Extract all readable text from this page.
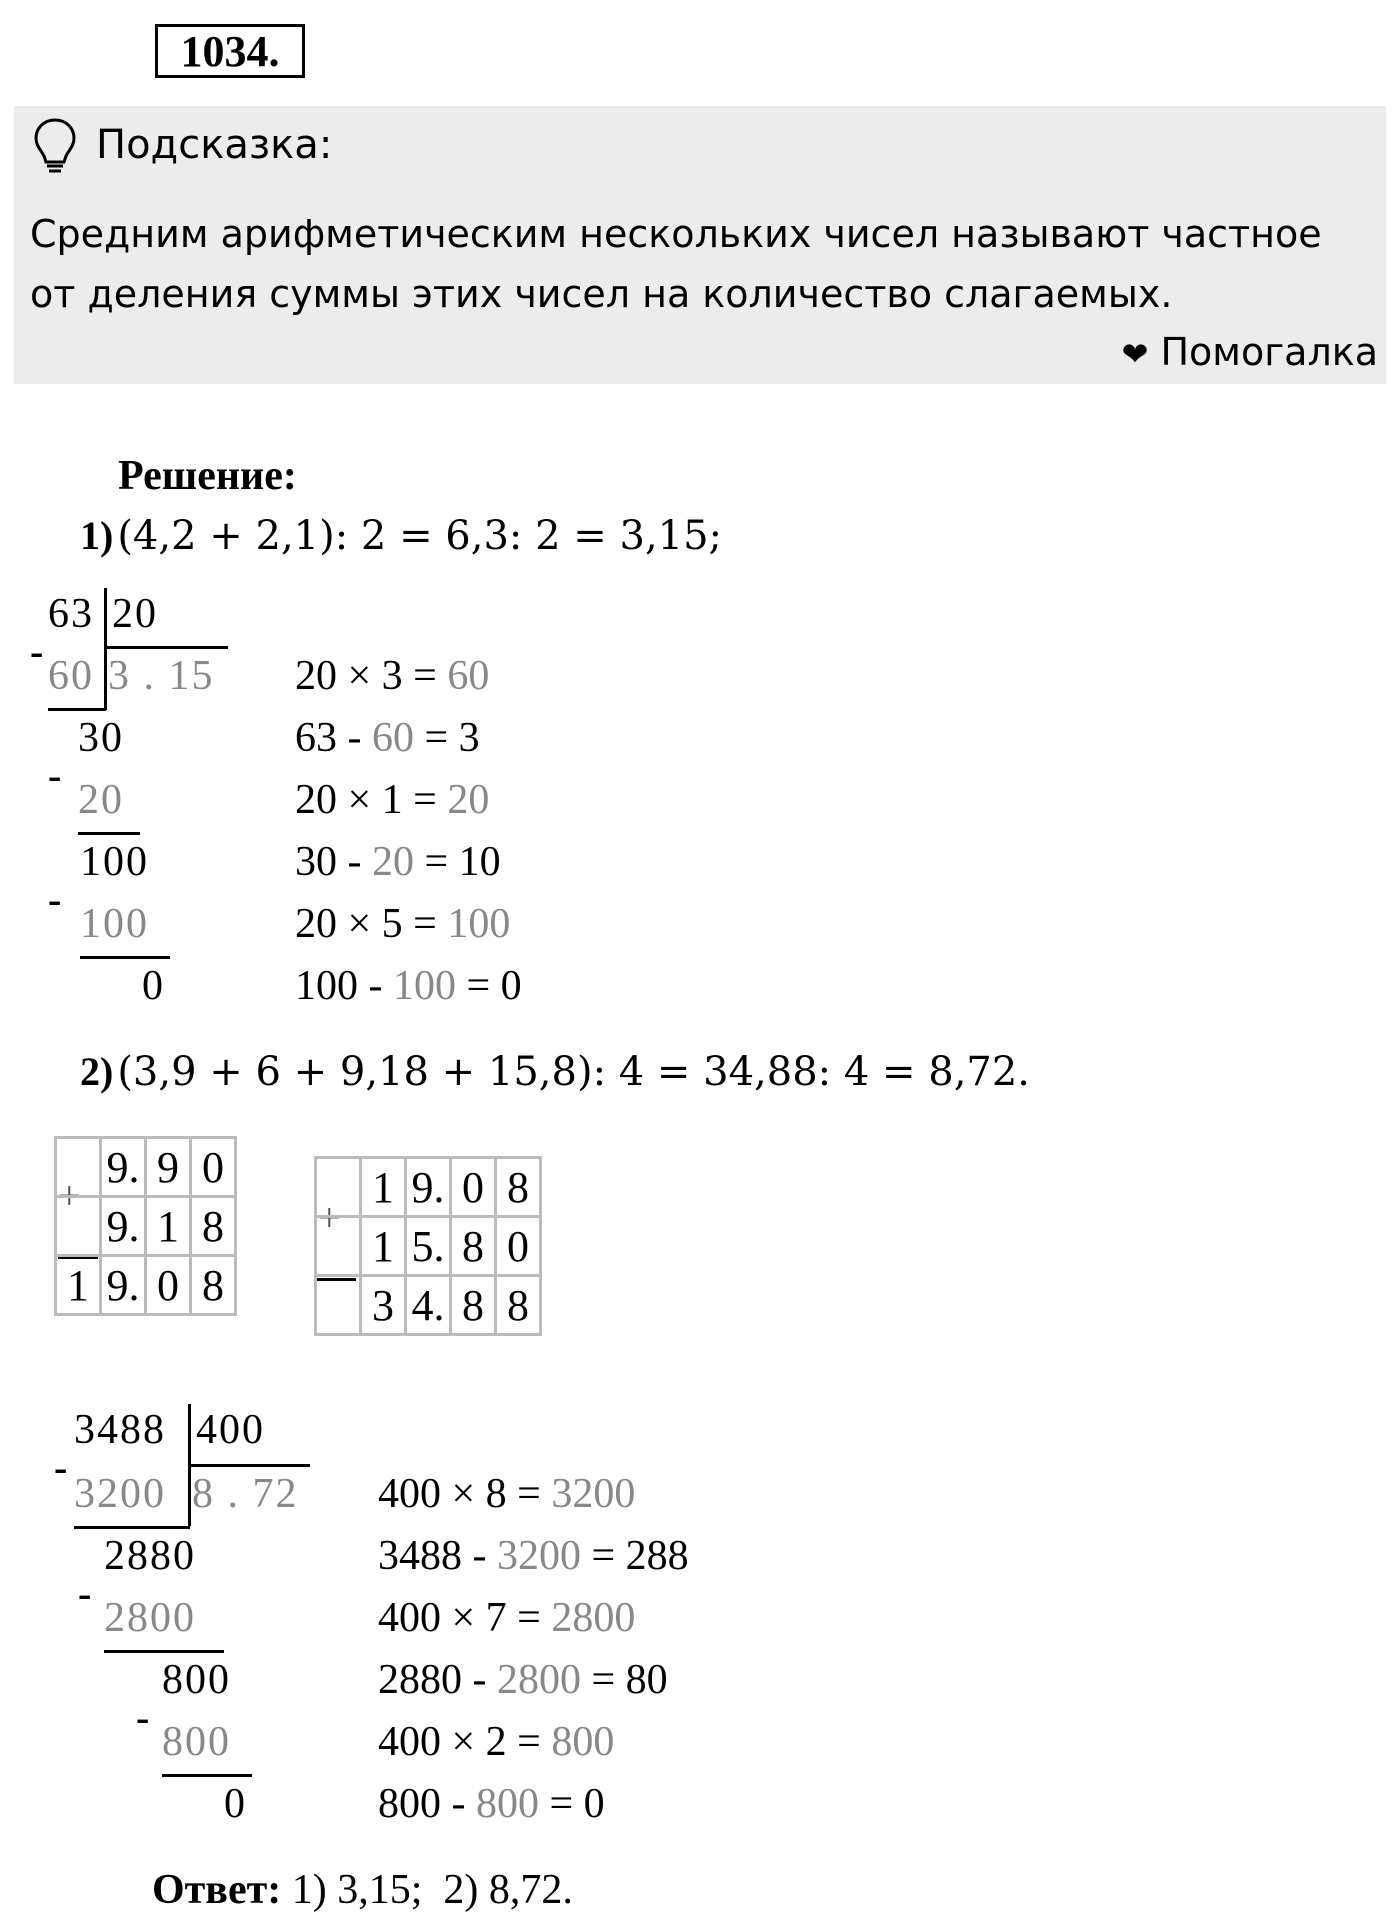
1034.
Подсказка:
Средним арифметическим нескольких чисел называют частное
от деления суммы этих чисел на количество слагаемых.
❤ Помогалка
Решение:
1) (4,2 + 2,1): 2 = 6,3: 2 = 3,15;
63 20
-
60 3 . 15
30
-
20
100
-
100
0
20 × 3 = 60
63 - 60 = 3
20 × 1 = 20
30 - 20 = 10
20 × 5 = 100
100 - 100 = 0
2) (3,9 + 6 + 9,18 + 15,8): 4 = 34,88: 4 = 8,72.
+
	9.	9	0
	9.	1	8
1	9.	0	8
+
	1	9.	0	8
	1	5.	8	0
	3	4.	8	8
3488 400
-
3200 8 . 72
2880
-
2800
800
-
800
0
400 × 8 = 3200
3488 - 3200 = 288
400 × 7 = 2800
2880 - 2800 = 80
400 × 2 = 800
800 - 800 = 0
Ответ: 1) 3,15;  2) 8,72.
